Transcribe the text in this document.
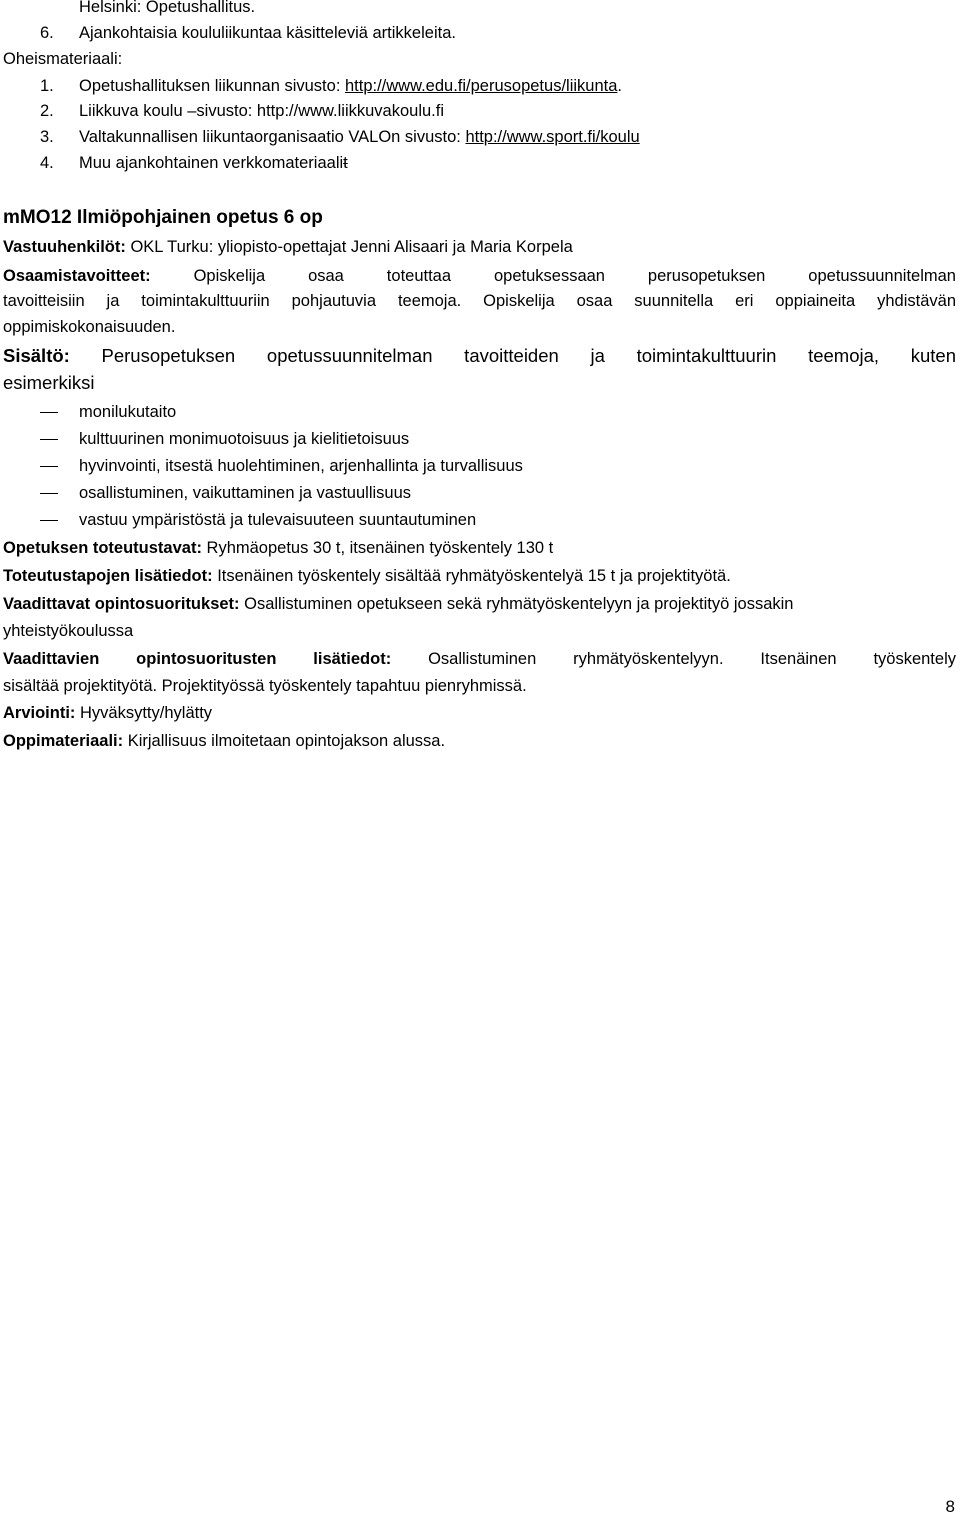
Helsinki: Opetushallitus.
6. Ajankohtaisia koululiikuntaa käsitteleviä artikkeleita.
Oheismateriaali:
1. Opetushallituksen liikunnan sivusto: http://www.edu.fi/perusopetus/liikunta.
2. Liikkuva koulu –sivusto: http://www.liikkuvakoulu.fi
3. Valtakunnallisen liikuntaorganisaatio VALOn sivusto: http://www.sport.fi/koulu
4. Muu ajankohtainen verkkomateriaalit
mMO12 Ilmiöpohjainen opetus 6 op
Vastuuhenkilöt: OKL Turku: yliopisto-opettajat Jenni Alisaari ja Maria Korpela
Osaamistavoitteet:	Opiskelija osaa toteuttaa opetuksessaan perusopetuksen opetussuunnitelman
tavoitteisiin ja toimintakulttuuriin pohjautuvia teemoja. Opiskelija osaa suunnitella eri oppiaineita yhdistävän
oppimiskokonaisuuden.
Sisältö: Perusopetuksen opetussuunnitelman tavoitteiden ja toimintakulttuurin teemoja, kuten
esimerkiksi
monilukutaito
kulttuurinen monimuotoisuus ja kielitietoisuus
hyvinvointi, itsestä huolehtiminen, arjenhallinta ja turvallisuus
osallistuminen, vaikuttaminen ja vastuullisuus
vastuu ympäristöstä ja tulevaisuuteen suuntautuminen
Opetuksen toteutustavat: Ryhmäopetus 30 t, itsenäinen työskentely 130 t
Toteutustapojen lisätiedot: Itsenäinen työskentely sisältää ryhmätyöskentelyä 15 t ja projektityötä.
Vaadittavat opintosuoritukset: Osallistuminen opetukseen sekä ryhmätyöskentelyyn ja projektityö jossakin
yhteistyökoulussa
Vaadittavien opintosuoritusten lisätiedot: Osallistuminen ryhmätyöskentelyyn. Itsenäinen työskentely
sisältää projektityötä. Projektityössä työskentely tapahtuu pienryhmissä.
Arviointi: Hyväksytty/hylätty
Oppimateriaali: Kirjallisuus ilmoitetaan opintojakson alussa.
8
